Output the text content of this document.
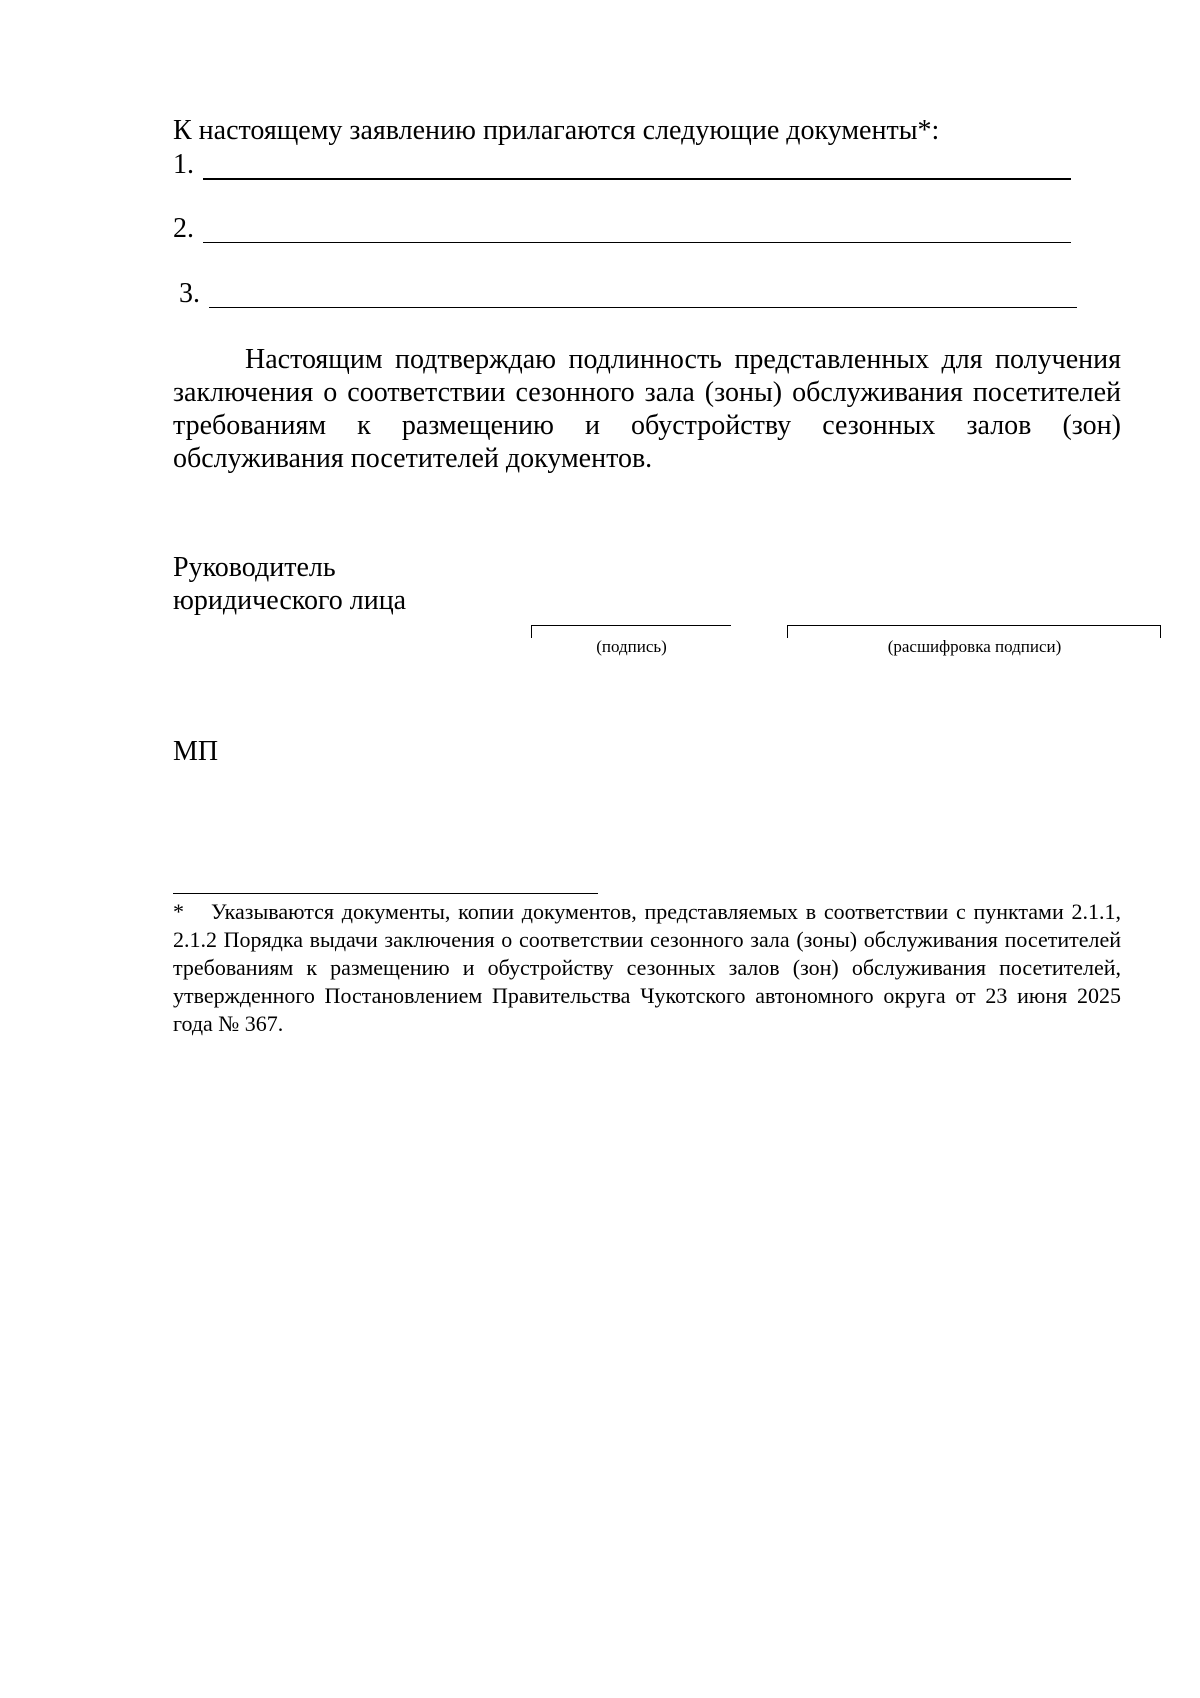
К настоящему заявлению прилагаются следующие документы*:
1.
2.
3.

Настоящим подтверждаю подлинность представленных для получения заключения о соответствии сезонного зала (зоны) обслуживания посетителей требованиям к размещению и обустройству сезонных залов (зон) обслуживания посетителей документов.

Руководитель
юридического лица
(подпись)	(расшифровка подписи)
МП

* Указываются документы, копии документов, представляемых в соответствии с пунктами 2.1.1, 2.1.2 Порядка выдачи заключения о соответствии сезонного зала (зоны) обслуживания посетителей требованиям к размещению и обустройству сезонных залов (зон) обслуживания посетителей, утвержденного Постановлением Правительства Чукотского автономного округа от 23 июня 2025 года № 367.
